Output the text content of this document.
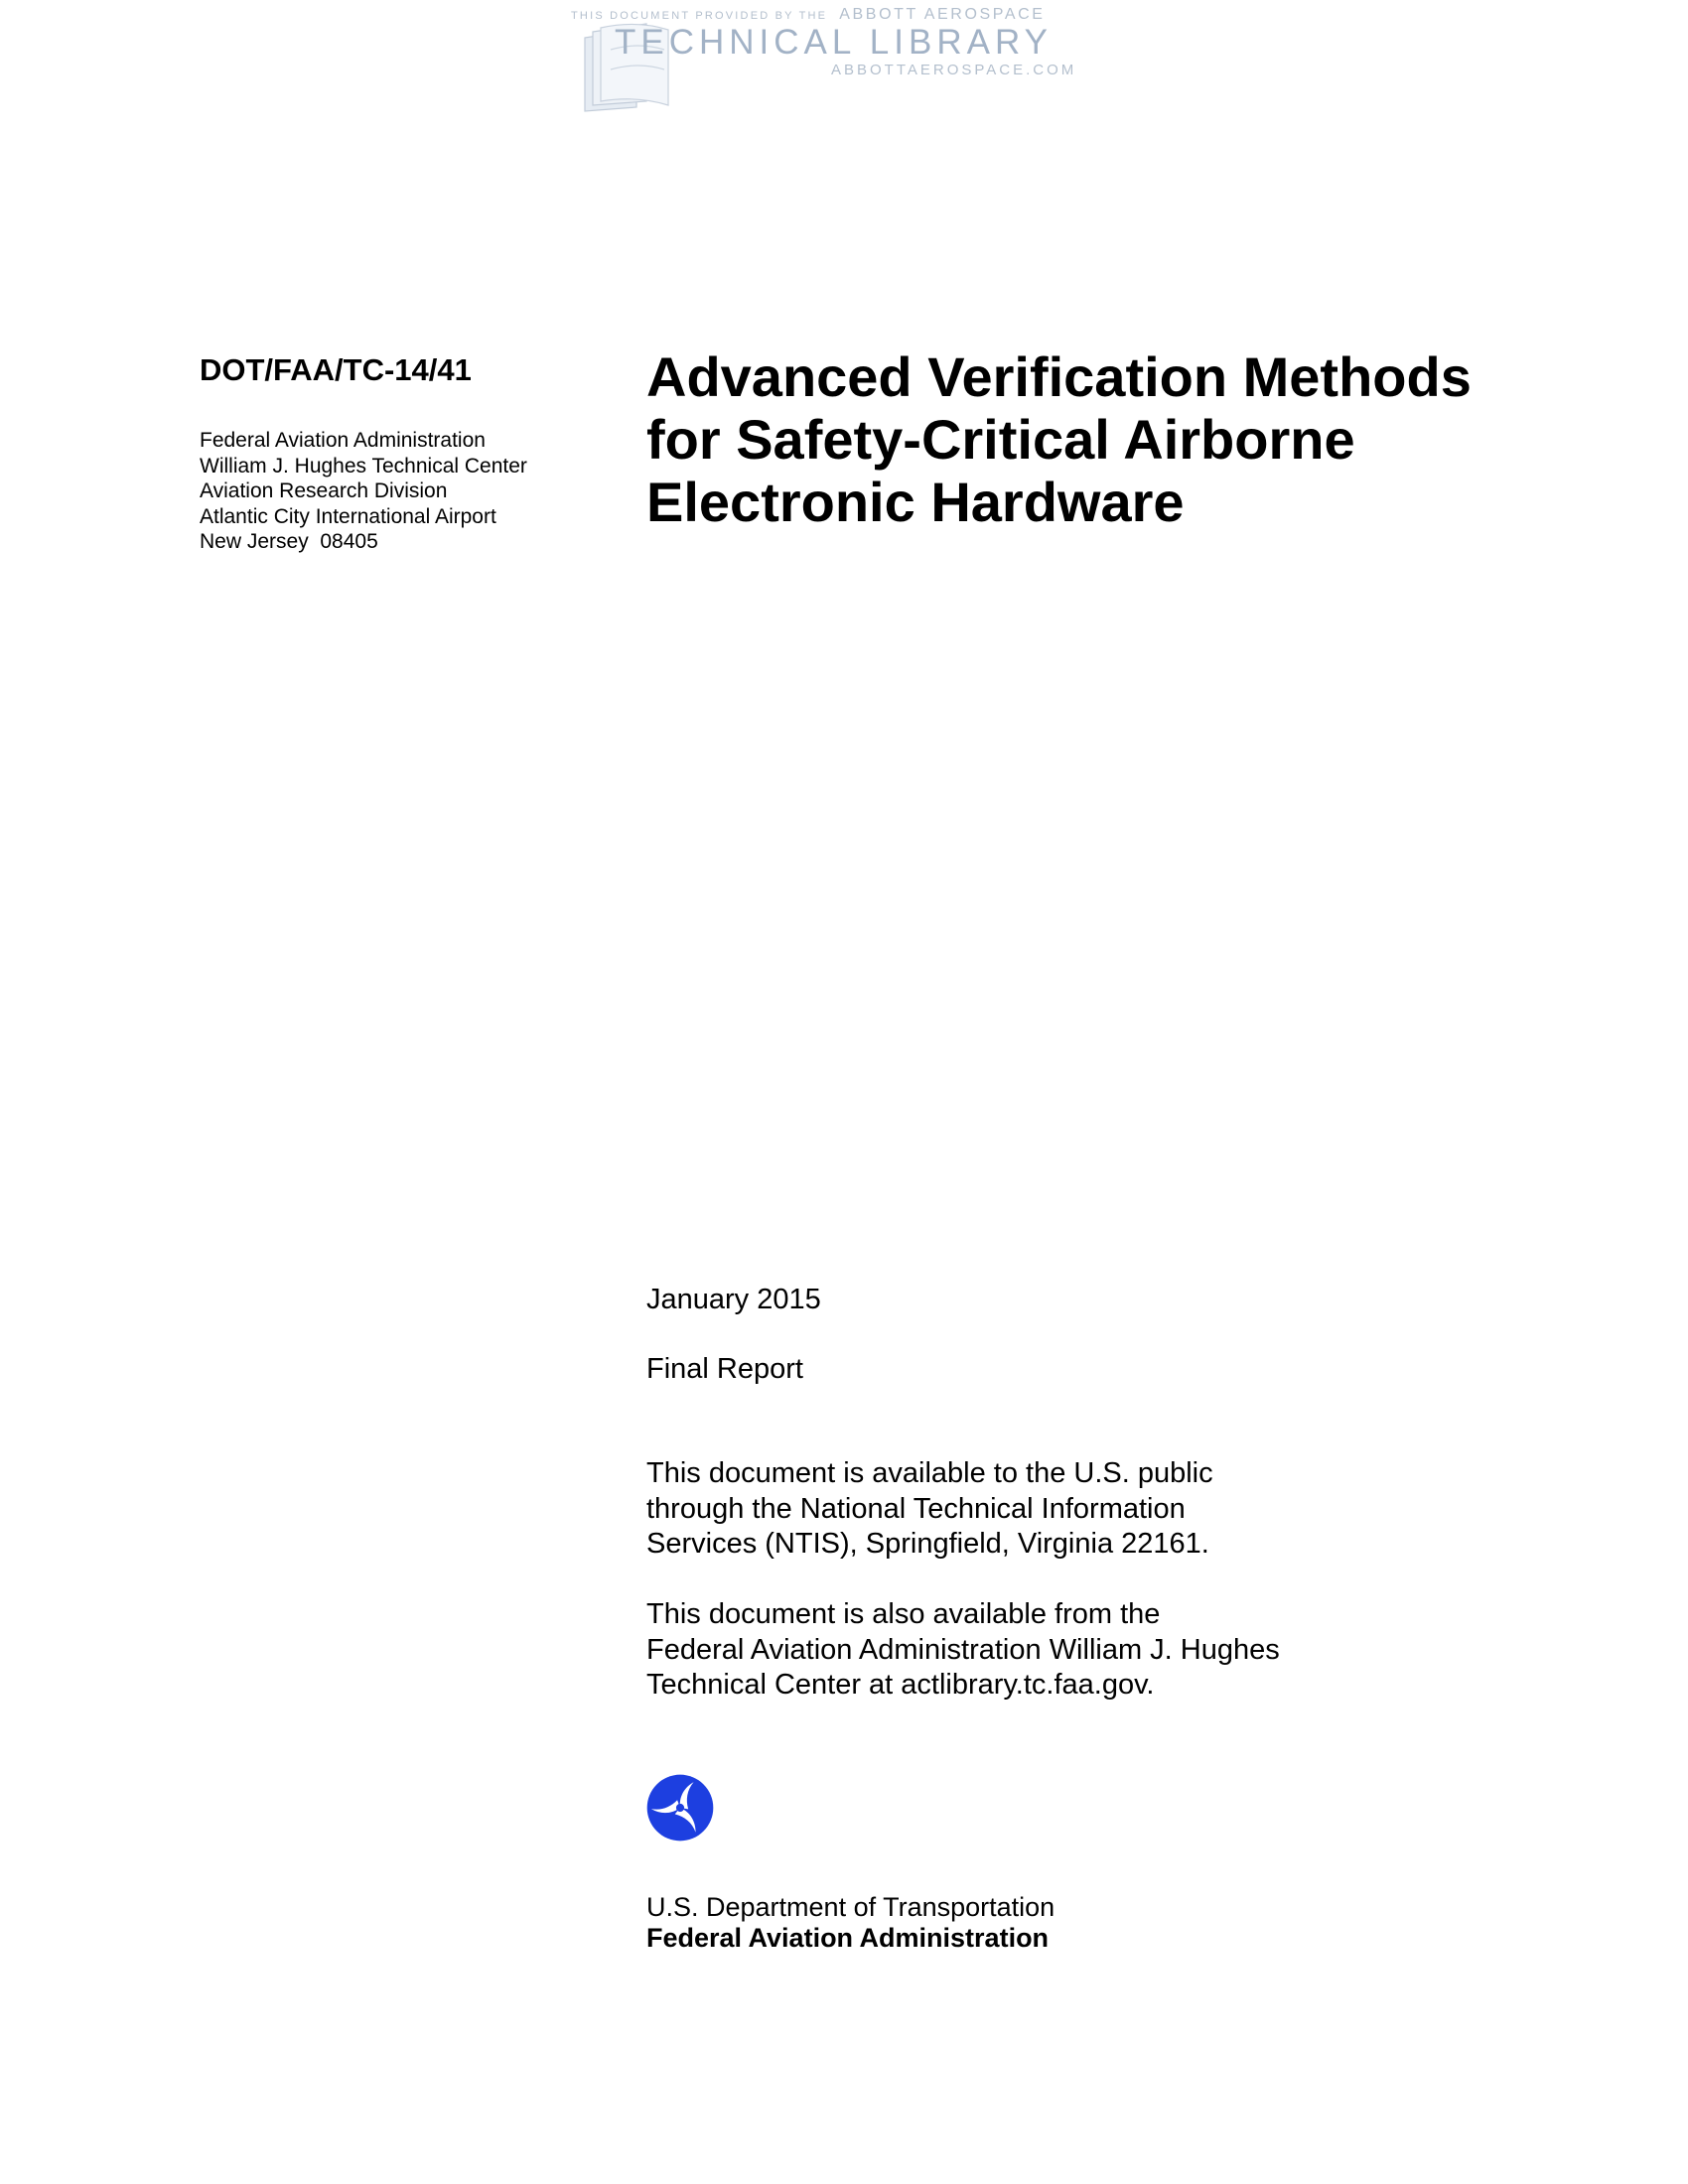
THIS DOCUMENT PROVIDED BY THE ABBOTT AEROSPACE
TECHNICAL LIBRARY
ABBOTTAEROSPACE.COM
DOT/FAA/TC-14/41
Federal Aviation Administration
William J. Hughes Technical Center
Aviation Research Division
Atlantic City International Airport
New Jersey  08405
Advanced Verification Methods
for Safety-Critical Airborne
Electronic Hardware
January 2015
Final Report
This document is available to the U.S. public
through the National Technical Information
Services (NTIS), Springfield, Virginia 22161.
This document is also available from the
Federal Aviation Administration William J. Hughes
Technical Center at actlibrary.tc.faa.gov.
U.S. Department of Transportation
Federal Aviation Administration
